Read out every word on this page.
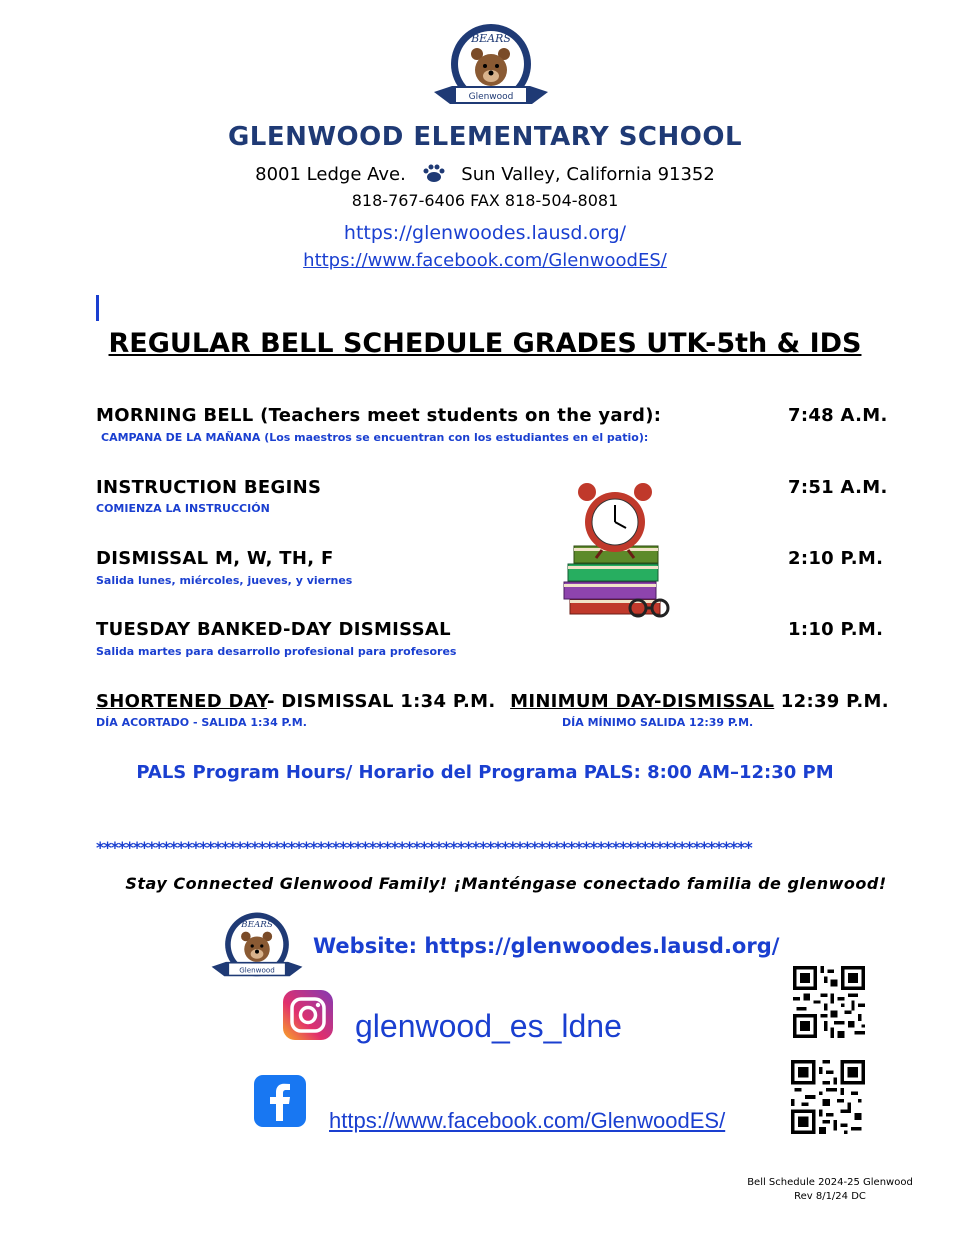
Glenwood
BEARS
GLENWOOD ELEMENTARY SCHOOL
8001 Ledge Ave.	Sun Valley, California 91352
818-767-6406 FAX 818-504-8081
https://glenwoodes.lausd.org/
https://www.facebook.com/GlenwoodES/
REGULAR BELL SCHEDULE GRADES UTK-5th & IDS
MORNING BELL (Teachers meet students on the yard):	7:48 A.M.
CAMPANA DE LA MAÑANA (Los maestros se encuentran con los estudiantes en el patio):
INSTRUCTION BEGINS	7:51 A.M.
COMIENZA LA INSTRUCCIÓN
DISMISSAL M, W, TH, F	2:10 P.M.
Salida lunes, miércoles, jueves, y viernes
TUESDAY BANKED-DAY DISMISSAL	1:10 P.M.
Salida martes para desarrollo profesional para profesores
SHORTENED DAY- DISMISSAL 1:34 P.M. MINIMUM DAY-DISMISSAL 12:39 P.M.
DÍA ACORTADO - SALIDA 1:34 P.M.	DÍA MÍNIMO SALIDA 12:39 P.M.
PALS Program Hours/ Horario del Programa PALS: 8:00 AM–12:30 PM
*****************************************************************************************
Stay Connected Glenwood Family! ¡Manténgase conectado familia de glenwood!
Glenwood
BEARS
Website: https://glenwoodes.lausd.org/
glenwood_es_ldne
https://www.facebook.com/GlenwoodES/
Bell Schedule 2024-25 Glenwood
Rev 8/1/24 DC
